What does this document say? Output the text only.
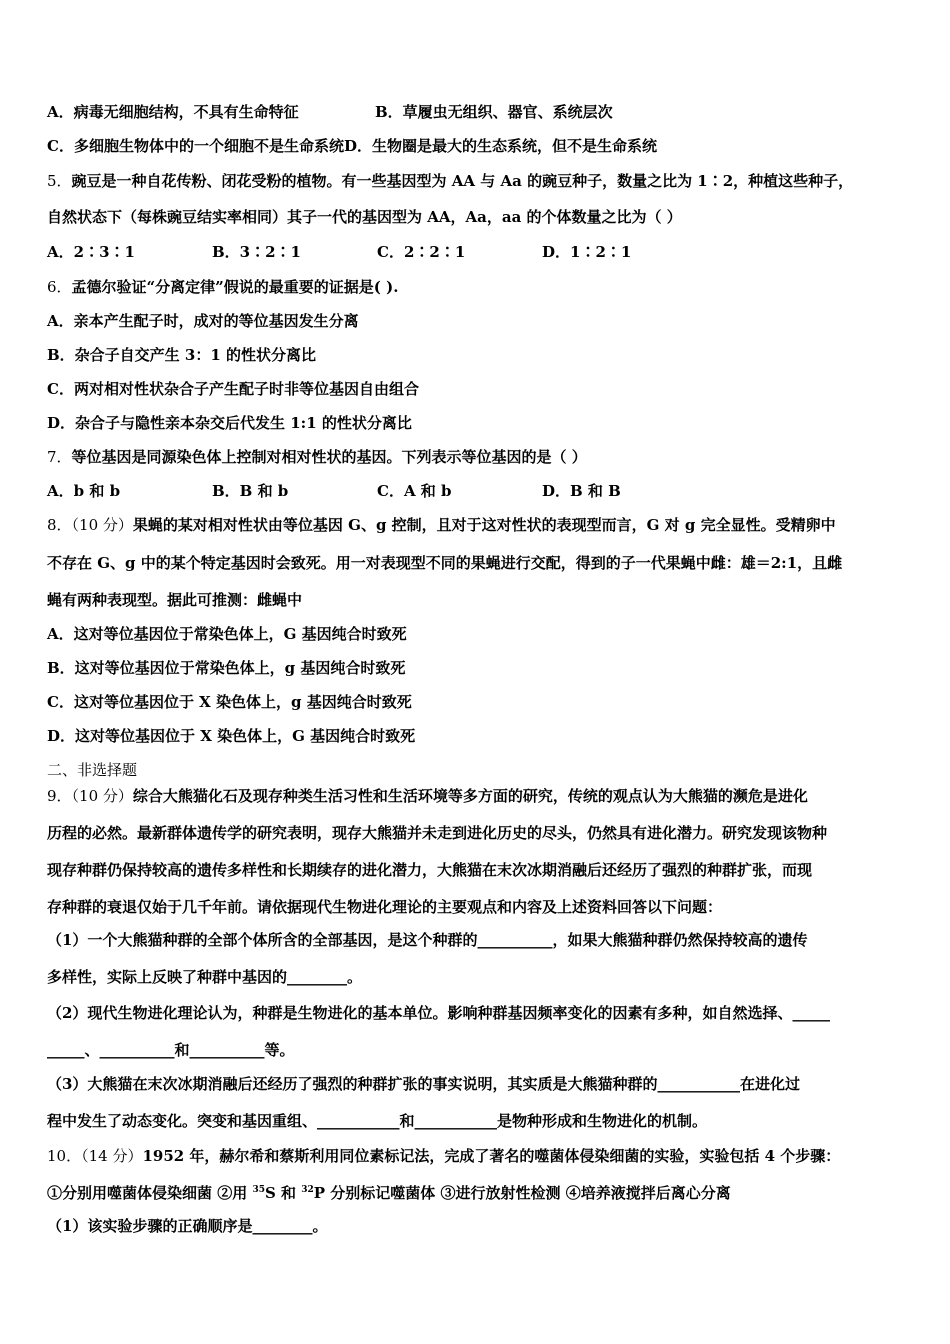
A．病毒无细胞结构，不具有生命特征	B．草履虫无组织、器官、系统层次
C．多细胞生物体中的一个细胞不是生命系统D．生物圈是最大的生态系统，但不是生命系统
5．豌豆是一种自花传粉、闭花受粉的植物。有一些基因型为 AA 与 Aa 的豌豆种子，数量之比为 1∶2，种植这些种子，
自然状态下（每株豌豆结实率相同）其子一代的基因型为 AA，Aa，aa 的个体数量之比为（ ）
A．2∶3∶1	B．3∶2∶1	C．2∶2∶1	D．1∶2∶1
6．孟德尔验证“分离定律”假说的最重要的证据是( ).
A．亲本产生配子时，成对的等位基因发生分离
B．杂合子自交产生 3：1 的性状分离比
C．两对相对性状杂合子产生配子时非等位基因自由组合
D．杂合子与隐性亲本杂交后代发生 1:1 的性状分离比
7．等位基因是同源染色体上控制对相对性状的基因。下列表示等位基因的是（ ）
A．b 和 b	B．B 和 b	C．A 和 b	D．B 和 B
8．（10 分）果蝇的某对相对性状由等位基因 G、g 控制，且对于这对性状的表现型而言，G 对 g 完全显性。受精卵中
不存在 G、g 中的某个特定基因时会致死。用一对表现型不同的果蝇进行交配，得到的子一代果蝇中雌：雄＝2:1，且雌
蝇有两种表现型。据此可推测：雌蝇中
A．这对等位基因位于常染色体上，G 基因纯合时致死
B．这对等位基因位于常染色体上，g 基因纯合时致死
C．这对等位基因位于 X 染色体上，g 基因纯合时致死
D．这对等位基因位于 X 染色体上，G 基因纯合时致死
二、非选择题
9．（10 分）综合大熊猫化石及现存种类生活习性和生活环境等多方面的研究，传统的观点认为大熊猫的濒危是进化
历程的必然。最新群体遗传学的研究表明，现存大熊猫并未走到进化历史的尽头，仍然具有进化潜力。研究发现该物种
现存种群仍保持较高的遗传多样性和长期续存的进化潜力，大熊猫在末次冰期消融后还经历了强烈的种群扩张，而现
存种群的衰退仅始于几千年前。请依据现代生物进化理论的主要观点和内容及上述资料回答以下问题：
（1）一个大熊猫种群的全部个体所含的全部基因，是这个种群的__________，如果大熊猫种群仍然保持较高的遗传
多样性，实际上反映了种群中基因的________。
（2）现代生物进化理论认为，种群是生物进化的基本单位。影响种群基因频率变化的因素有多种，如自然选择、_____
_____、__________和__________等。
（3）大熊猫在末次冰期消融后还经历了强烈的种群扩张的事实说明，其实质是大熊猫种群的___________在进化过
程中发生了动态变化。突变和基因重组、___________和___________是物种形成和生物进化的机制。
10．（14 分）1952 年，赫尔希和蔡斯利用同位素标记法，完成了著名的噬菌体侵染细菌的实验，实验包括 4 个步骤：
①分别用噬菌体侵染细菌 ②用 $^{35}$S 和 $^{32}$P 分别标记噬菌体 ③进行放射性检测 ④培养液搅拌后离心分离
（1）该实验步骤的正确顺序是________。
